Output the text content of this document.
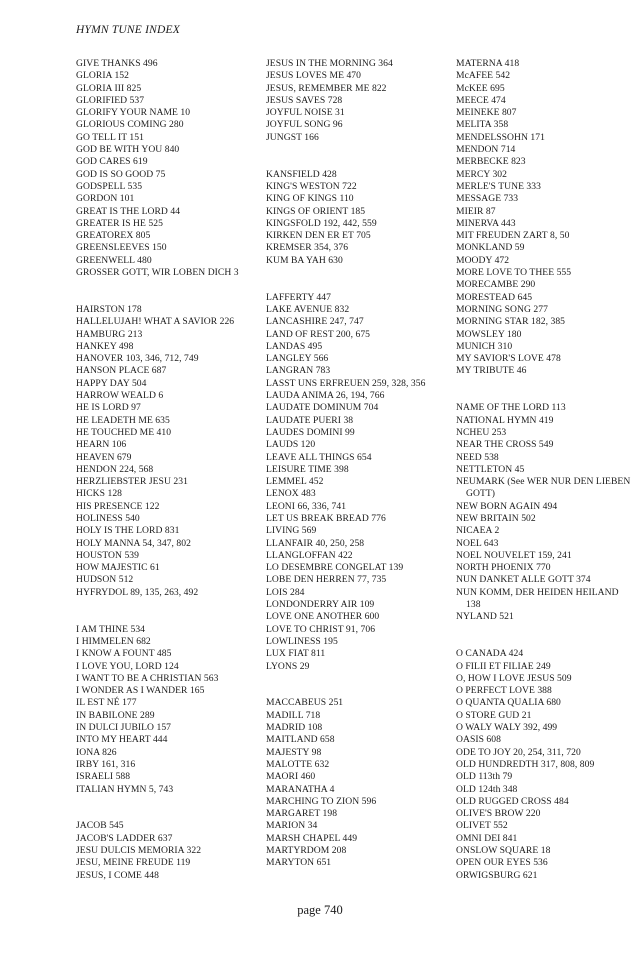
HYMN TUNE INDEX
GIVE THANKS 496
GLORIA 152
GLORIA III 825
GLORIFIED 537
GLORIFY YOUR NAME 10
GLORIOUS COMING 280
GO TELL IT 151
GOD BE WITH YOU 840
GOD CARES 619
GOD IS SO GOOD 75
GODSPELL 535
GORDON 101
GREAT IS THE LORD 44
GREATER IS HE 525
GREATOREX 805
GREENSLEEVES 150
GREENWELL 480
GROSSER GOTT, WIR LOBEN DICH 3
HAIRSTON 178
HALLELUJAH! WHAT A SAVIOR 226
HAMBURG 213
HANKEY 498
HANOVER 103, 346, 712, 749
HANSON PLACE 687
HAPPY DAY 504
HARROW WEALD 6
HE IS LORD 97
HE LEADETH ME 635
HE TOUCHED ME 410
HEARN 106
HEAVEN 679
HENDON 224, 568
HERZLIEBSTER JESU 231
HICKS 128
HIS PRESENCE 122
HOLINESS 540
HOLY IS THE LORD 831
HOLY MANNA 54, 347, 802
HOUSTON 539
HOW MAJESTIC 61
HUDSON 512
HYFRYDOL 89, 135, 263, 492
I AM THINE 534
I HIMMELEN 682
I KNOW A FOUNT 485
I LOVE YOU, LORD 124
I WANT TO BE A CHRISTIAN 563
I WONDER AS I WANDER 165
IL EST NÉ 177
IN BABILONE 289
IN DULCI JUBILO 157
INTO MY HEART 444
IONA 826
IRBY 161, 316
ISRAELI 588
ITALIAN HYMN 5, 743
JACOB 545
JACOB'S LADDER 637
JESU DULCIS MEMORIA 322
JESU, MEINE FREUDE 119
JESUS, I COME 448
JESUS IN THE MORNING 364
JESUS LOVES ME 470
JESUS, REMEMBER ME 822
JESUS SAVES 728
JOYFUL NOISE 31
JOYFUL SONG 96
JUNGST 166
KANSFIELD 428
KING'S WESTON 722
KING OF KINGS 110
KINGS OF ORIENT 185
KINGSFOLD 192, 442, 559
KIRKEN DEN ER ET 705
KREMSER 354, 376
KUM BA YAH 630
LAFFERTY 447
LAKE AVENUE 832
LANCASHIRE 247, 747
LAND OF REST 200, 675
LANDAS 495
LANGLEY 566
LANGRAN 783
LASST UNS ERFREUEN 259, 328, 356
LAUDA ANIMA 26, 194, 766
LAUDATE DOMINUM 704
LAUDATE PUERI 38
LAUDES DOMINI 99
LAUDS 120
LEAVE ALL THINGS 654
LEISURE TIME 398
LEMMEL 452
LENOX 483
LEONI 66, 336, 741
LET US BREAK BREAD 776
LIVING 569
LLANFAIR 40, 250, 258
LLANGLOFFAN 422
LO DESEMBRE CONGELAT 139
LOBE DEN HERREN 77, 735
LOIS 284
LONDONDERRY AIR 109
LOVE ONE ANOTHER 600
LOVE TO CHRIST 91, 706
LOWLINESS 195
LUX FIAT 811
LYONS 29
MACCABEUS 251
MADILL 718
MADRID 108
MAITLAND 658
MAJESTY 98
MALOTTE 632
MAORI 460
MARANATHA 4
MARCHING TO ZION 596
MARGARET 198
MARION 34
MARSH CHAPEL 449
MARTYRDOM 208
MARYTON 651
MATERNA 418
McAFEE 542
McKEE 695
MEECE 474
MEINEKE 807
MELITA 358
MENDELSSOHN 171
MENDON 714
MERBECKE 823
MERCY 302
MERLE'S TUNE 333
MESSAGE 733
MIEIR 87
MINERVA 443
MIT FREUDEN ZART 8, 50
MONKLAND 59
MOODY 472
MORE LOVE TO THEE 555
MORECAMBE 290
MORESTEAD 645
MORNING SONG 277
MORNING STAR 182, 385
MOWSLEY 180
MUNICH 310
MY SAVIOR'S LOVE 478
MY TRIBUTE 46
NAME OF THE LORD 113
NATIONAL HYMN 419
NCHEU 253
NEAR THE CROSS 549
NEED 538
NETTLETON 45
NEUMARK (See WER NUR DEN LIEBEN GOTT)
NEW BORN AGAIN 494
NEW BRITAIN 502
NICAEA 2
NOEL 643
NOEL NOUVELET 159, 241
NORTH PHOENIX 770
NUN DANKET ALLE GOTT 374
NUN KOMM, DER HEIDEN HEILAND 138
NYLAND 521
O CANADA 424
O FILII ET FILIAE 249
O, HOW I LOVE JESUS 509
O PERFECT LOVE 388
O QUANTA QUALIA 680
O STORE GUD 21
O WALY WALY 392, 499
OASIS 608
ODE TO JOY 20, 254, 311, 720
OLD HUNDREDTH 317, 808, 809
OLD 113th 79
OLD 124th 348
OLD RUGGED CROSS 484
OLIVE'S BROW 220
OLIVET 552
OMNI DEI 841
ONSLOW SQUARE 18
OPEN OUR EYES 536
ORWIGSBURG 621
page 740
